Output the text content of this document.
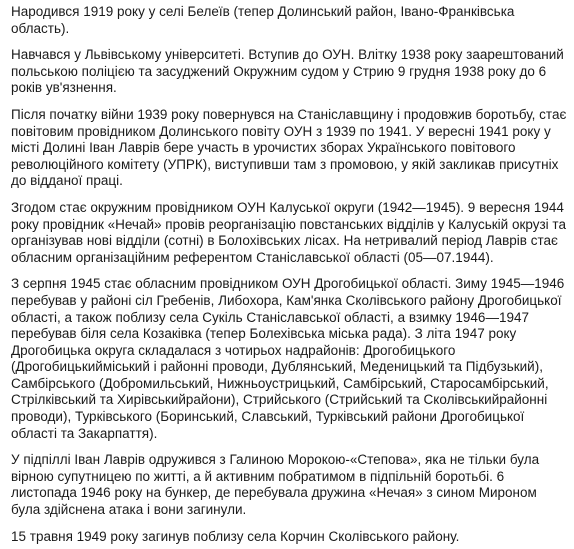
Народився 1919 року у селі Белеїв (тепер Долинський район, Івано-Франківська область).

Навчався у Львівському університеті. Вступив до ОУН. Влітку 1938 року заарештований польською поліцією та засуджений Окружним судом у Стрию 9 грудня 1938 року до 6 років ув'язнення.

Після початку війни 1939 року повернувся на Станіславщину і продовжив боротьбу, стає повітовим провідником Долинського повіту ОУН з 1939 по 1941. У вересні 1941 року у місті Долині Іван Лаврів бере участь в урочистих зборах Українського повітового революційного комітету (УПРК), виступивши там з промовою, у якій закликав присутніх до відданої праці.

Згодом стає окружним провідником ОУН Калуської округи (1942—1945). 9 вересня 1944 року провідник «Нечай» провів реорганізацію повстанських відділів у Калуській окрузі та організував нові відділи (сотні) в Болохівських лісах. На нетривалий період Лаврів стає обласним організаційним референтом Станіславської області (05—07.1944).

З серпня 1945 стає обласним провідником ОУН Дрогобицької області. Зиму 1945—1946 перебував у районі сіл Гребенів, Либохора, Кам'янка Сколівського району Дрогобицької області, а також поблизу села Сукіль Станіславської області, а взимку 1946—1947 перебував біля села Козаківка (тепер Болехівська міська рада). З літа 1947 року Дрогобицька округа складалася з чотирьох надрайонів: Дрогобицького (Дрогобицькийміський і районні проводи, Дублянський, Меденицький та Підбузький), Самбірського (Добромильський, Нижньоустрицький, Самбірський, Старосамбірський, Стрілківський та Хирівськийрайони), Стрийського (Стрийський та Сколівськийрайонні проводи), Турківського (Боринський, Славський, Турківський райони Дрогобицької області та Закарпаття).

У підпіллі Іван Лаврів одружився з Галиною Морокою-«Степова», яка не тільки була вірною супутницею по житті, а й активним побратимом в підпільній боротьбі. 6 листопада 1946 року на бункер, де перебувала дружина «Нечая» з сином Мироном була здійснена атака і вони загинули.

15 травня 1949 року загинув поблизу села Корчин Сколівського району.
